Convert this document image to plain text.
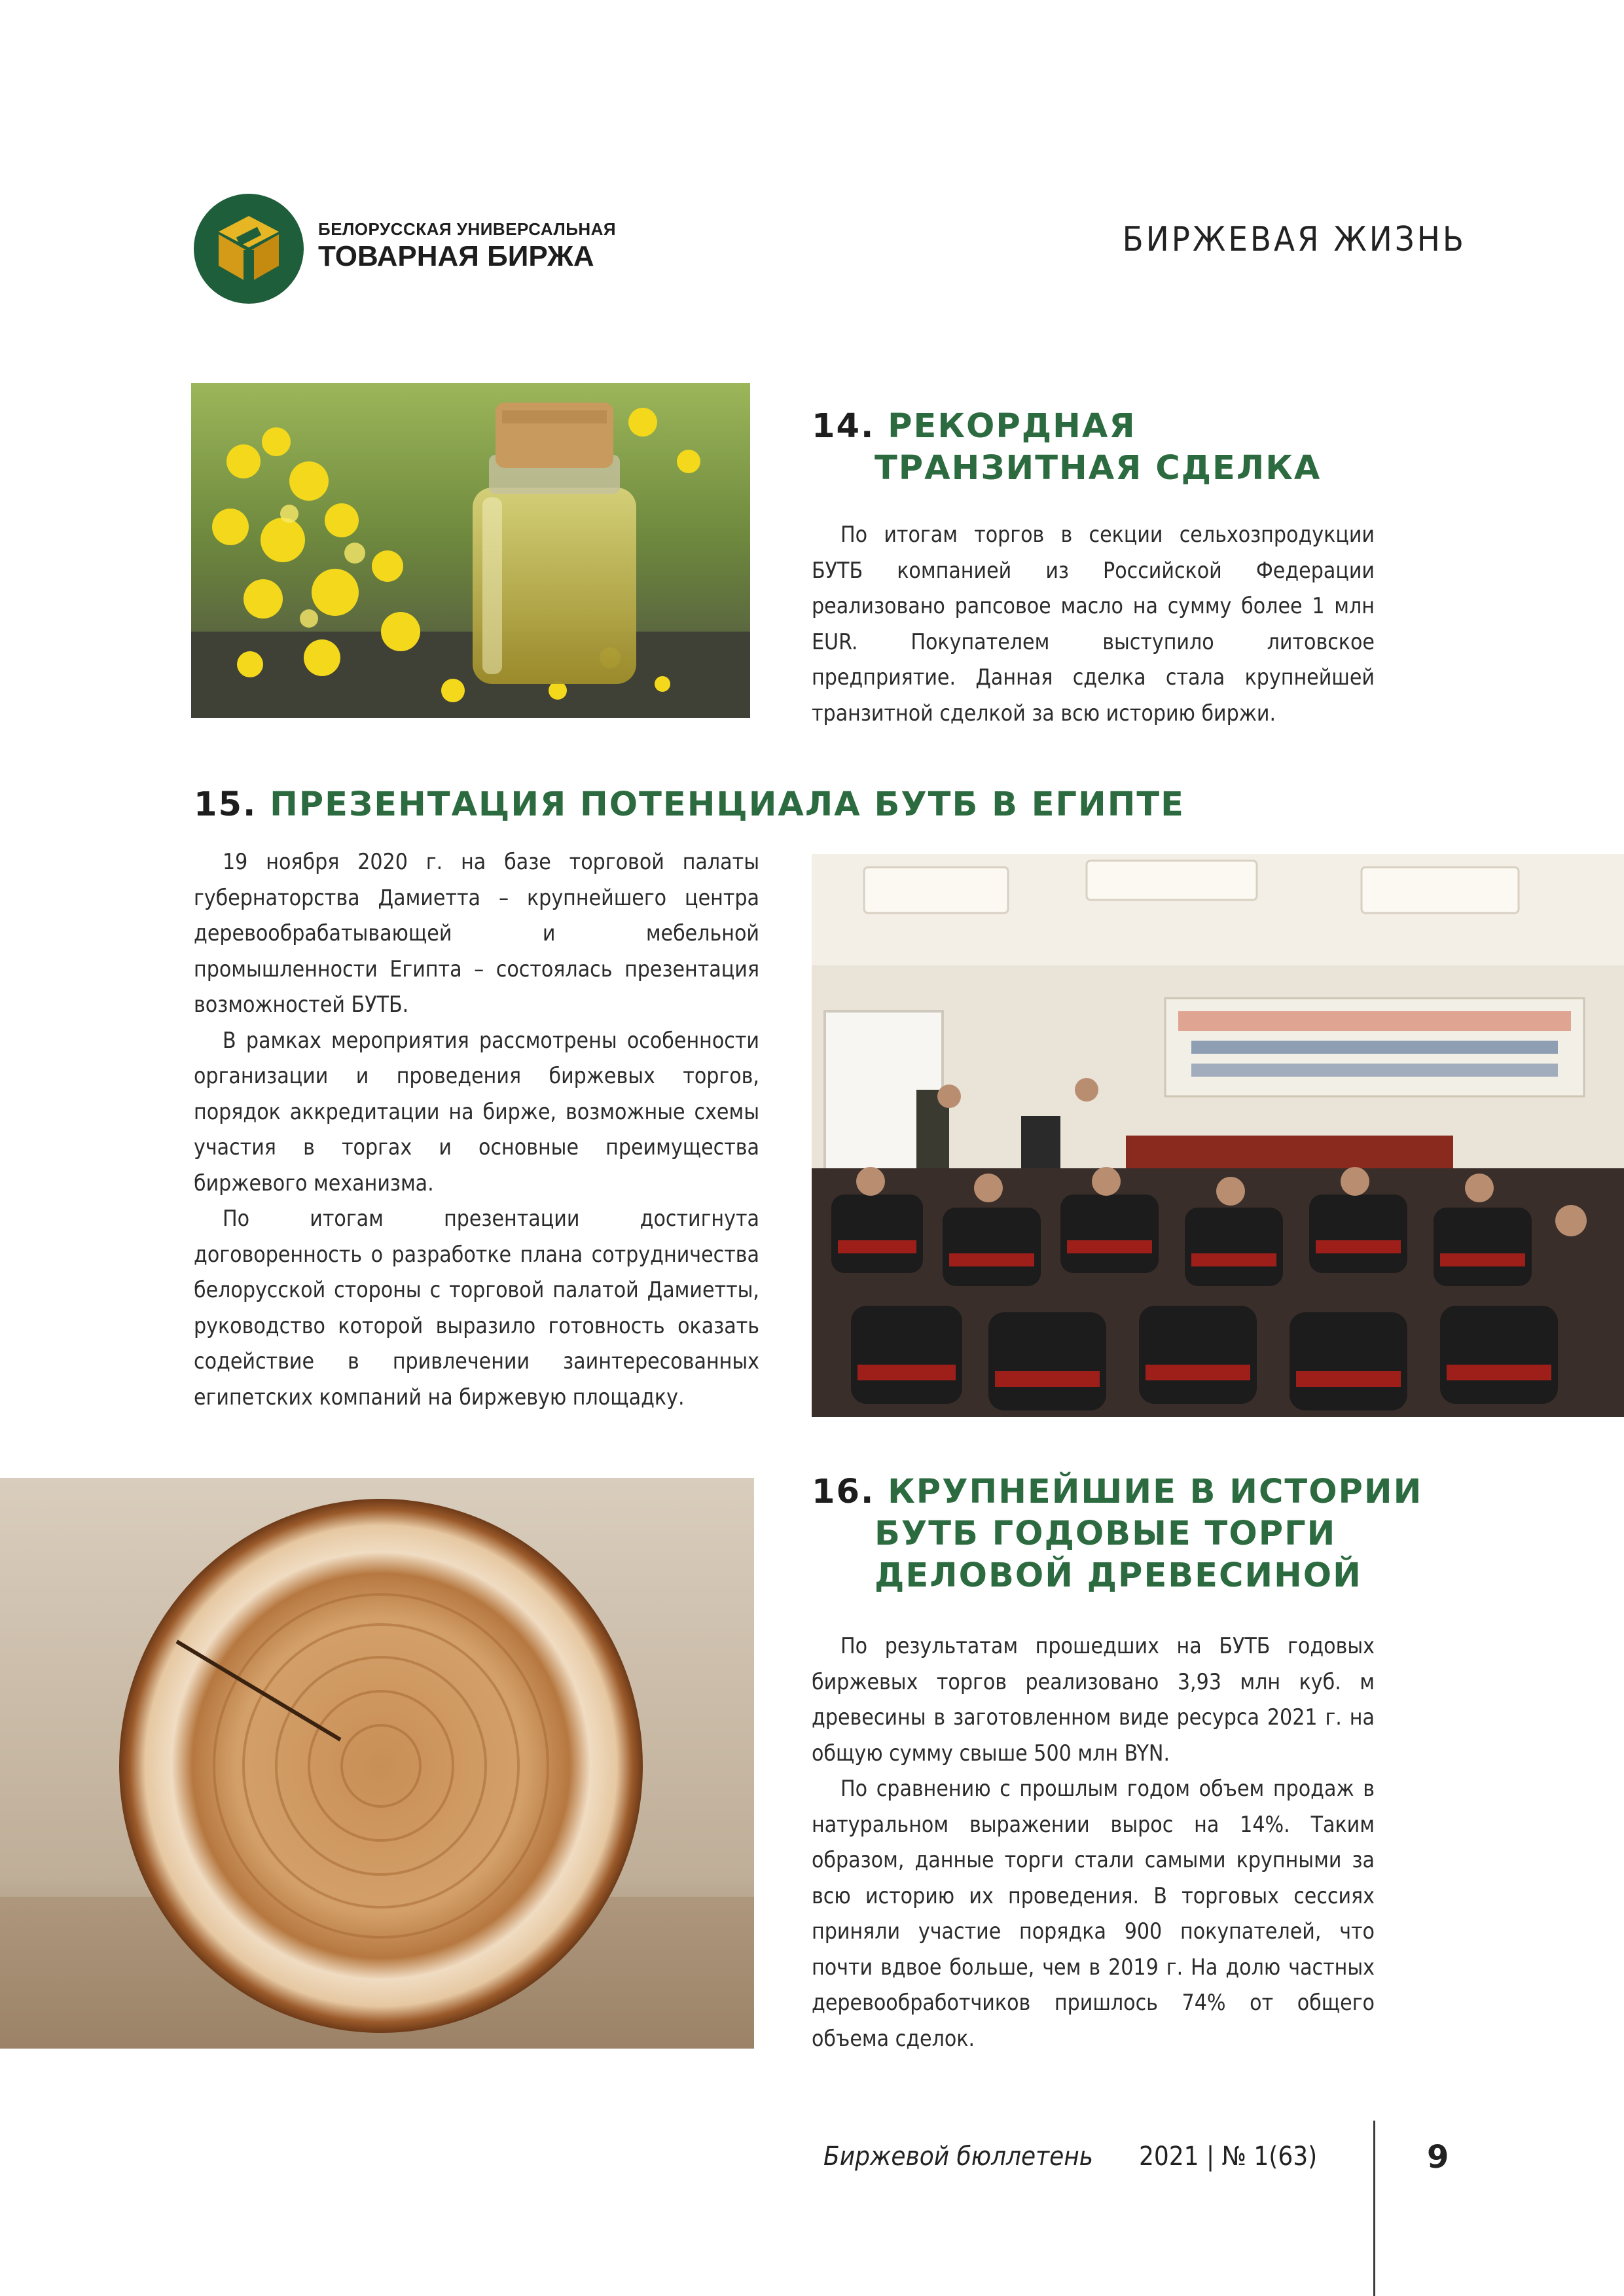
БЕЛОРУССКАЯ УНИВЕРСАЛЬНАЯ
ТОВАРНАЯ БИРЖА	БИРЖЕВАЯ ЖИЗНЬ
14. РЕКОРДНАЯ
ТРАНЗИТНАЯ СДЕЛКА

По итогам торгов в секции сельхозпродукции БУТБ компанией из Российской Федерации реализовано рапсовое масло на сумму более 1 млн EUR. Покупателем выступило литовское предприятие. Данная сделка стала крупнейшей транзитной сделкой за всю историю биржи.

15. ПРЕЗЕНТАЦИЯ ПОТЕНЦИАЛА БУТБ В ЕГИПТЕ

19 ноября 2020 г. на базе торговой палаты губернаторства Дамиетта – крупнейшего центра деревообрабатывающей и мебельной промышленности Египта – состоялась презентация возможностей БУТБ.

В рамках мероприятия рассмотрены особенности организации и проведения биржевых торгов, порядок аккредитации на бирже, возможные схемы участия в торгах и основные преимущества биржевого механизма.

По итогам презентации достигнута договоренность о разработке плана сотрудничества белорусской стороны с торговой палатой Дамиетты, руководство которой выразило готовность оказать содействие в привлечении заинтересованных египетских компаний на биржевую площадку.

16. КРУПНЕЙШИЕ В ИСТОРИИ
БУТБ ГОДОВЫЕ ТОРГИ
ДЕЛОВОЙ ДРЕВЕСИНОЙ

По результатам прошедших на БУТБ годовых биржевых торгов реализовано 3,93 млн куб. м древесины в заготовленном виде ресурса 2021 г. на общую сумму свыше 500 млн BYN.

По сравнению с прошлым годом объем продаж в натуральном выражении вырос на 14%. Таким образом, данные торги стали самыми крупными за всю историю их проведения. В торговых сессиях приняли участие порядка 900 покупателей, что почти вдвое больше, чем в 2019 г. На долю частных деревообработчиков пришлось 74% от общего объема сделок.

Биржевой бюллетень 2021 | № 1(63)	9
